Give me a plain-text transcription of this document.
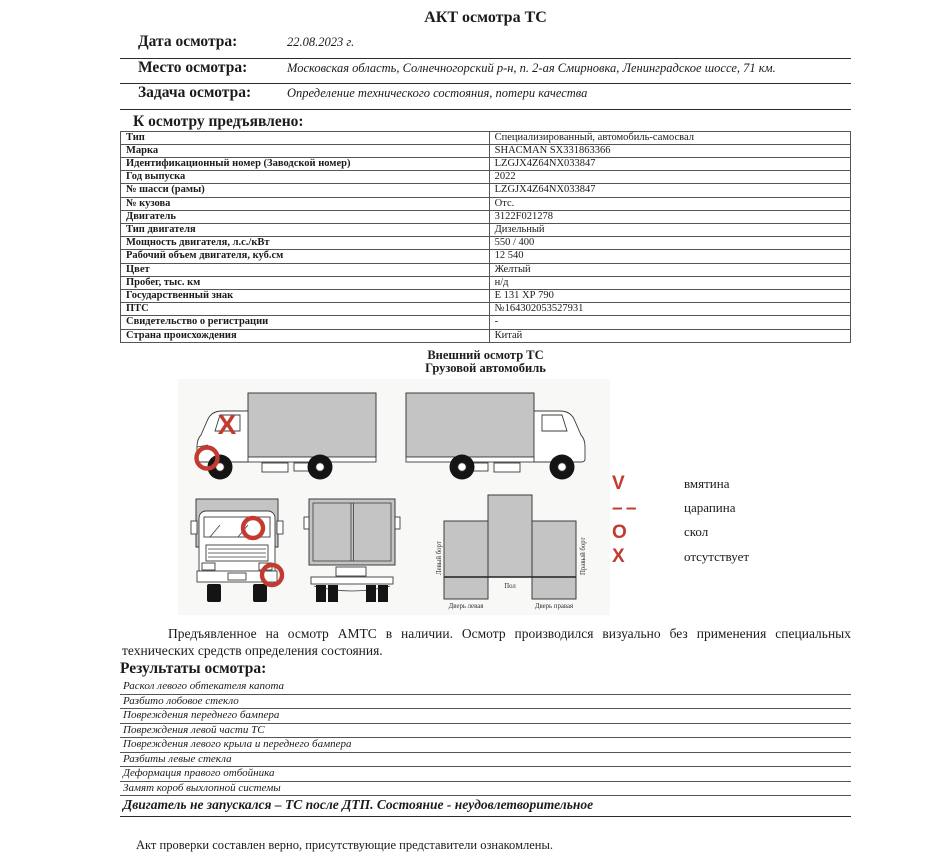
АКТ осмотра ТС
Дата осмотра:	22.08.2023 г.
Место осмотра:	Московская область, Солнечногорский р-н, п. 2-ая Смирновка, Ленинградское шоссе, 71 км.
Задача осмотра:	Определение технического состояния, потери качества
К осмотру предъявлено:
Тип	Специализированный, автомобиль-самосвал
Марка	SHACMAN SX331863366
Идентификационный номер (Заводской номер)	LZGJX4Z64NX033847
Год выпуска	2022
№ шасси (рамы)	LZGJX4Z64NX033847
№ кузова	Отс.
Двигатель	3122F021278
Тип двигателя	Дизельный
Мощность двигателя, л.с./кВт	550 / 400
Рабочий объем двигателя, куб.см	12 540
Цвет	Желтый
Пробег, тыс. км	н/д
Государственный знак	Е 131 ХР 790
ПТС	№164302053527931
Свидетельство о регистрации	-
Страна происхождения	Китай
Внешний осмотр ТС
Грузовой автомобиль
X
Левый борт	Правый борт
Пол
Дверь левая	Дверь правая
V	вмятина
– –	царапина
O	скол
X	отсутствует
Предъявленное на осмотр АМТС в наличии. Осмотр производился визуально без применения специальных технических средств определения состояния.
Результаты осмотра:
Раскол левого обтекателя капота
Разбито лобовое стекло
Повреждения переднего бампера
Повреждения левой части ТС
Повреждения левого крыла и переднего бампера
Разбиты левые стекла
Деформация правого отбойника
Замят короб выхлопной системы
Двигатель не запускался – ТС после ДТП. Состояние - неудовлетворительное
Акт проверки составлен верно, присутствующие представители ознакомлены.
